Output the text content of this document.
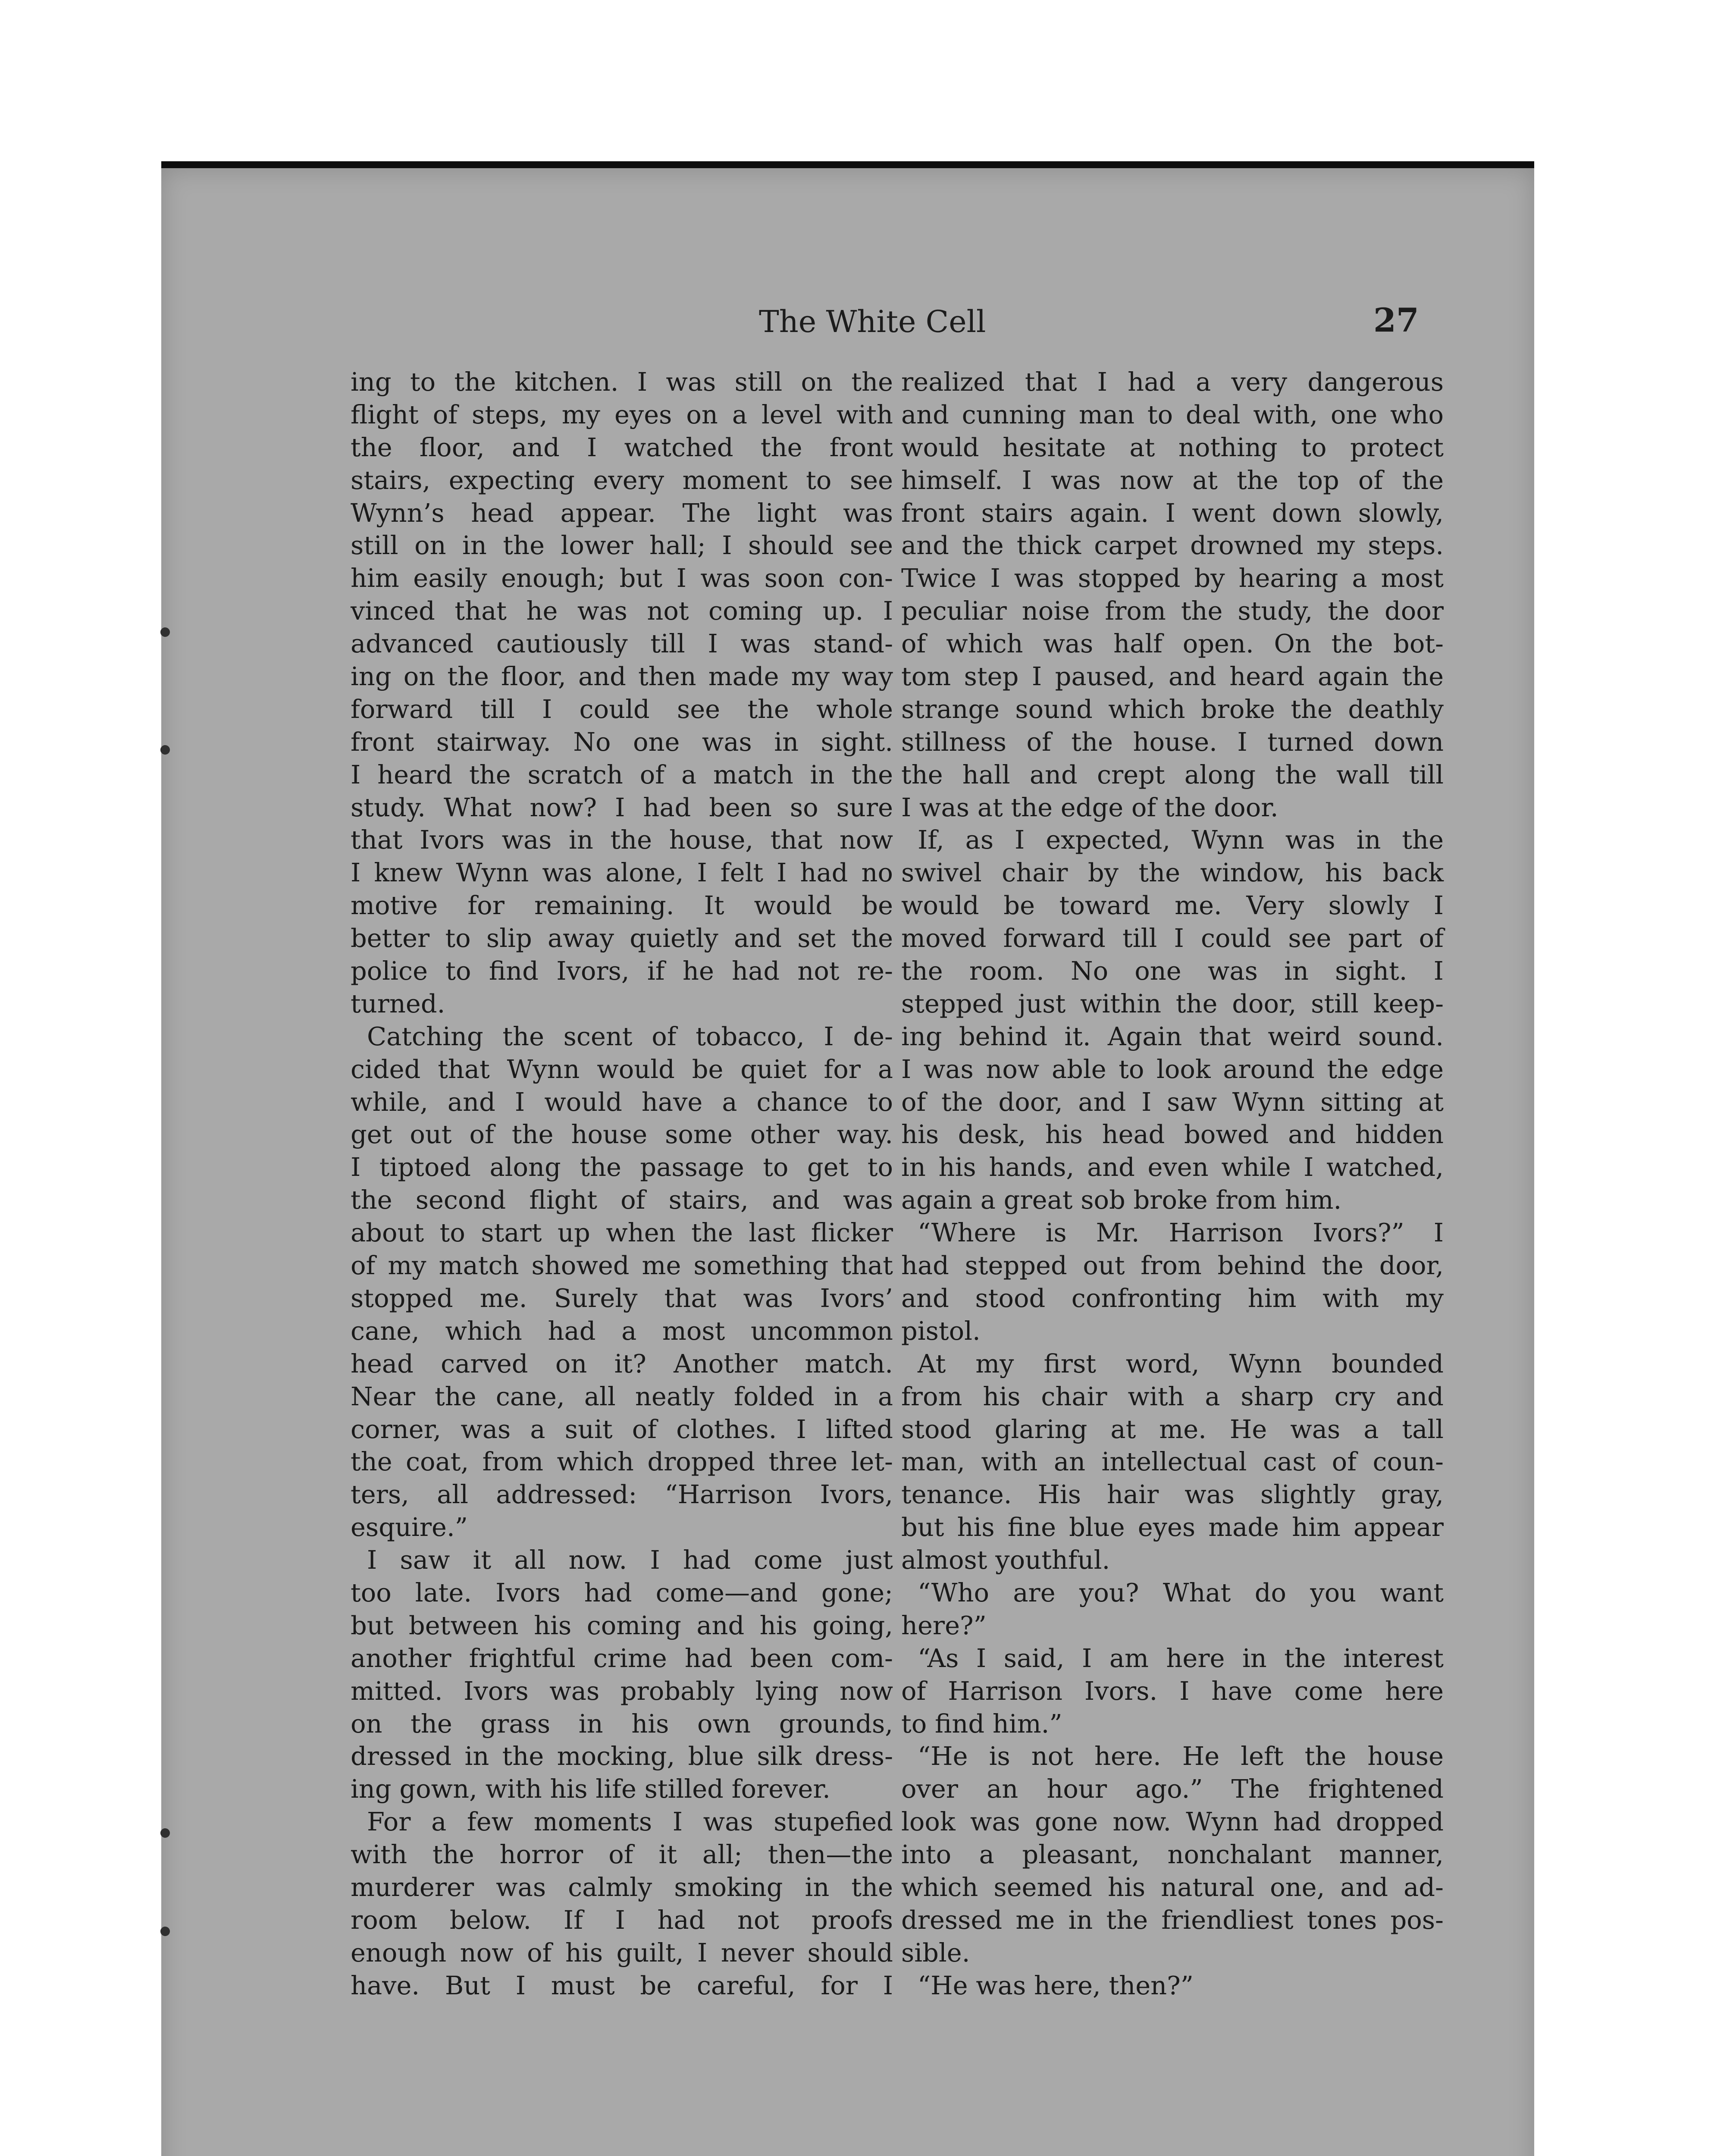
The White Cell	27
ing to the kitchen. I was still on the
flight of steps, my eyes on a level with
the floor, and I watched the front
stairs, expecting every moment to see
Wynn’s head appear. The light was
still on in the lower hall; I should see
him easily enough; but I was soon con-
vinced that he was not coming up. I
advanced cautiously till I was stand-
ing on the floor, and then made my way
forward till I could see the whole
front stairway. No one was in sight.
I heard the scratch of a match in the
study. What now? I had been so sure
that Ivors was in the house, that now
I knew Wynn was alone, I felt I had no
motive for remaining. It would be
better to slip away quietly and set the
police to find Ivors, if he had not re-
turned.
Catching the scent of tobacco, I de-
cided that Wynn would be quiet for a
while, and I would have a chance to
get out of the house some other way.
I tiptoed along the passage to get to
the second flight of stairs, and was
about to start up when the last flicker
of my match showed me something that
stopped me. Surely that was Ivors’
cane, which had a most uncommon
head carved on it? Another match.
Near the cane, all neatly folded in a
corner, was a suit of clothes. I lifted
the coat, from which dropped three let-
ters, all addressed: “Harrison Ivors,
esquire.”
I saw it all now. I had come just
too late. Ivors had come—and gone;
but between his coming and his going,
another frightful crime had been com-
mitted. Ivors was probably lying now
on the grass in his own grounds,
dressed in the mocking, blue silk dress-
ing gown, with his life stilled forever.
For a few moments I was stupefied
with the horror of it all; then—the
murderer was calmly smoking in the
room below. If I had not proofs
enough now of his guilt, I never should
have. But I must be careful, for I
realized that I had a very dangerous
and cunning man to deal with, one who
would hesitate at nothing to protect
himself. I was now at the top of the
front stairs again. I went down slowly,
and the thick carpet drowned my steps.
Twice I was stopped by hearing a most
peculiar noise from the study, the door
of which was half open. On the bot-
tom step I paused, and heard again the
strange sound which broke the deathly
stillness of the house. I turned down
the hall and crept along the wall till
I was at the edge of the door.
If, as I expected, Wynn was in the
swivel chair by the window, his back
would be toward me. Very slowly I
moved forward till I could see part of
the room. No one was in sight. I
stepped just within the door, still keep-
ing behind it. Again that weird sound.
I was now able to look around the edge
of the door, and I saw Wynn sitting at
his desk, his head bowed and hidden
in his hands, and even while I watched,
again a great sob broke from him.
“Where is Mr. Harrison Ivors?” I
had stepped out from behind the door,
and stood confronting him with my
pistol.
At my first word, Wynn bounded
from his chair with a sharp cry and
stood glaring at me. He was a tall
man, with an intellectual cast of coun-
tenance. His hair was slightly gray,
but his fine blue eyes made him appear
almost youthful.
“Who are you? What do you want
here?”
“As I said, I am here in the interest
of Harrison Ivors. I have come here
to find him.”
“He is not here. He left the house
over an hour ago.” The frightened
look was gone now. Wynn had dropped
into a pleasant, nonchalant manner,
which seemed his natural one, and ad-
dressed me in the friendliest tones pos-
sible.
“He was here, then?”
